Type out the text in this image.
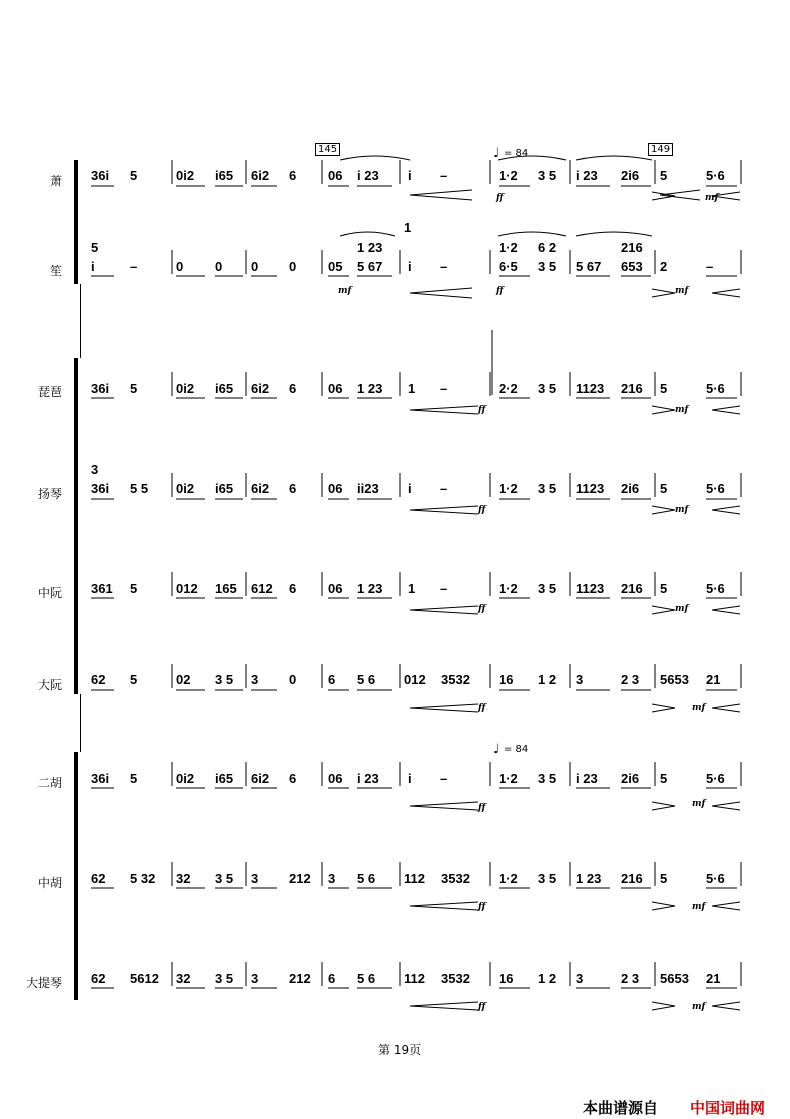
萧
笙
琵琶
扬琴
中阮
大阮
二胡
中胡
大提琴
145	149
♩ = 84
♩ = 84
ff	mf
mf	ff	mf
ff	mf
ff	mf
ff	mf
ff	mf
ff	mf
ff	mf
ff	mf
36i 5	0i2 i65 6i2 6 06 i 23 i –	1·2 3 5 i 23 2i6 5	5·6
5
i	–	0 0 0 0 05 5 67 i –	6·5 3 5 5 67 653 2	–
1 23	1·2 6 2	216
1
36i 5	0i2 i65 6i2 6 06 1 23 1 –	2·2 3 5 1123 216 5	5·6
3
36i 5 5 0i2 i65 6i2 6 06 ii23 i –	1·2 3 5 1123 2i6 5	5·6
361 5	012 165 612 6 06 1 23 1 –	1·2 3 5 1123 216 5	5·6
62 5	02 3 5 3 0 6 5 6 012 3532 16 1 2 3	2 3 5653 21
36i 5	0i2 i65 6i2 6 06 i 23 i –	1·2 3 5 i 23 2i6 5	5·6
62 5 32 32 3 5 3 212 3 5 6 112 3532 1·2 3 5 1 23 216 5	5·6
62 5612 32 3 5 3 212 6 5 6 112 3532 16 1 2 3	2 3 5653 21
第 19页
本曲谱源自 中国词曲网
